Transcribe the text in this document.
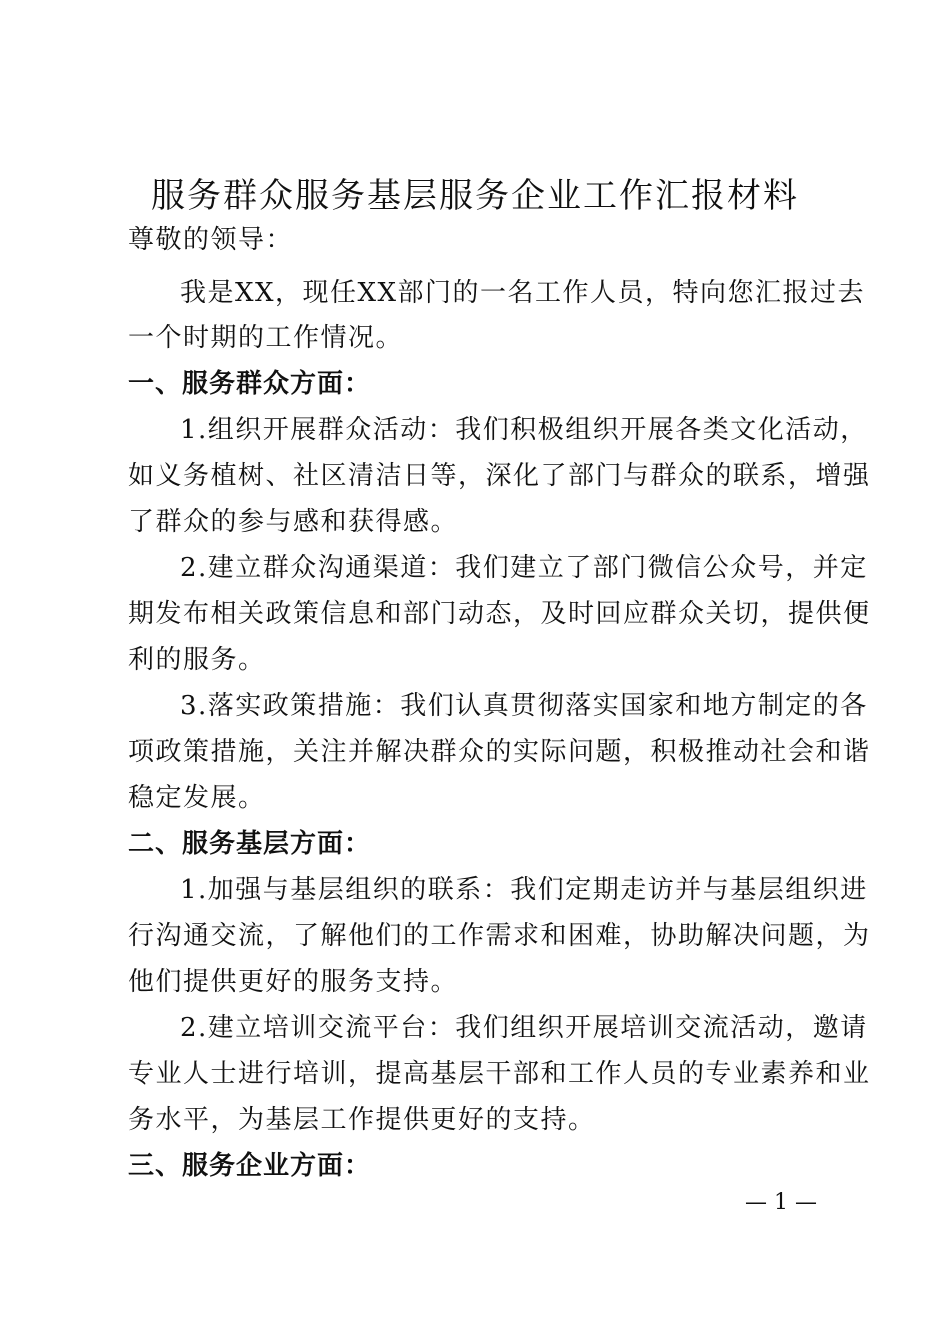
服务群众服务基层服务企业工作汇报材料
尊敬的领导：
我是XX，现任XX部门的一名工作人员，特向您汇报过去
一个时期的工作情况。
一、服务群众方面：
1.组织开展群众活动：我们积极组织开展各类文化活动，
如义务植树、社区清洁日等，深化了部门与群众的联系，增强
了群众的参与感和获得感。
2.建立群众沟通渠道：我们建立了部门微信公众号，并定
期发布相关政策信息和部门动态，及时回应群众关切，提供便
利的服务。
3.落实政策措施：我们认真贯彻落实国家和地方制定的各
项政策措施，关注并解决群众的实际问题，积极推动社会和谐
稳定发展。
二、服务基层方面：
1.加强与基层组织的联系：我们定期走访并与基层组织进
行沟通交流，了解他们的工作需求和困难，协助解决问题，为
他们提供更好的服务支持。
2.建立培训交流平台：我们组织开展培训交流活动，邀请
专业人士进行培训，提高基层干部和工作人员的专业素养和业
务水平，为基层工作提供更好的支持。
三、服务企业方面：
— 1 —
